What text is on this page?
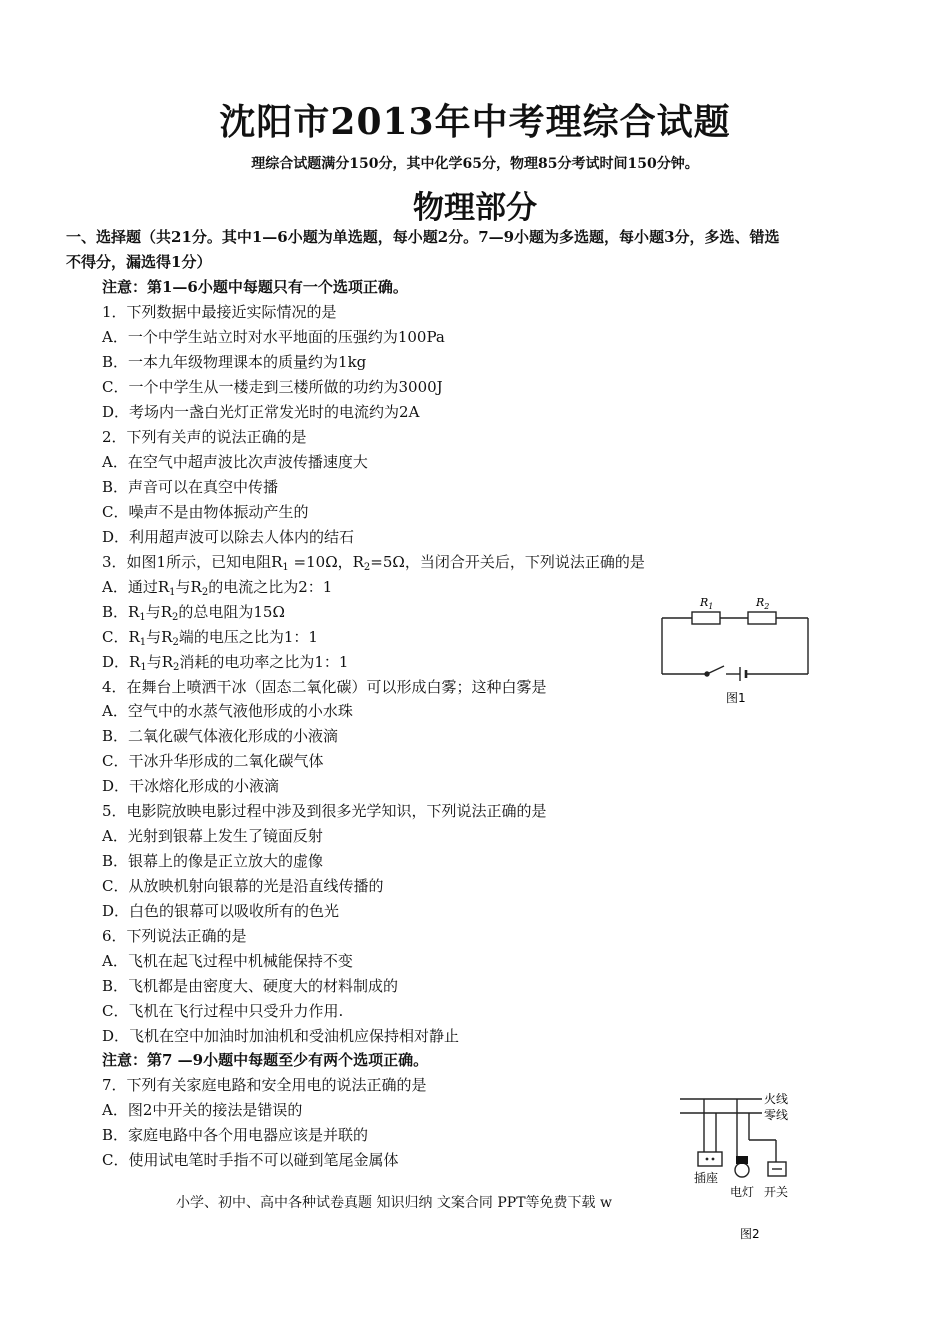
沈阳市2013年中考理综合试题
理综合试题满分150分，其中化学65分，物理85分考试时间150分钟。
物理部分
一、选择题（共21分。其中1—6小题为单选题，每小题2分。7—9小题为多选题，每小题3分，多选、错选
不得分，漏选得1分）
注意：第1—6小题中每题只有一个选项正确。
1．下列数据中最接近实际情况的是
A．一个中学生站立时对水平地面的压强约为100Pa
B．一本九年级物理课本的质量约为1kg
C．一个中学生从一楼走到三楼所做的功约为3000J
D．考场内一盏白光灯正常发光时的电流约为2A
2．下列有关声的说法正确的是
A．在空气中超声波比次声波传播速度大
B．声音可以在真空中传播
C．噪声不是由物体振动产生的
D．利用超声波可以除去人体内的结石
3．如图1所示，已知电阻$R_1 =10\Omega$，$R_2=5\Omega$，当闭合开关后，下列说法正确的是
A．通过$R_1$与$R_2$的电流之比为2：1
B．$R_1$与$R_2$的总电阻为15Ω
C．$R_1$与$R_2$端的电压之比为1：1
D．$R_1$与$R_2$消耗的电功率之比为1：1
$R_1$	$R_2$
图1
4．在舞台上喷洒干冰（固态二氧化碳）可以形成白雾；这种白雾是
A．空气中的水蒸气液他形成的小水珠
B．二氧化碳气体液化形成的小液滴
C．干冰升华形成的二氧化碳气体
D．干冰熔化形成的小液滴
5．电影院放映电影过程中涉及到很多光学知识，下列说法正确的是
A．光射到银幕上发生了镜面反射
B．银幕上的像是正立放大的虚像
C．从放映机射向银幕的光是沿直线传播的
D．白色的银幕可以吸收所有的色光
6．下列说法正确的是
A．飞机在起飞过程中机械能保持不变
B．飞机都是由密度大、硬度大的材料制成的
C．飞机在飞行过程中只受升力作用.
D．飞机在空中加油时加油机和受油机应保持相对静止
注意：第7 —9小题中每题至少有两个选项正确。
7．下列有关家庭电路和安全用电的说法正确的是
A．图2中开关的接法是错误的
B．家庭电路中各个用电器应该是并联的
C．使用试电笔时手指不可以碰到笔尾金属体
火线
零线
插座
电灯 开关
图2
小学、初中、高中各种试卷真题 知识归纳 文案合同 PPT等免费下载 w
